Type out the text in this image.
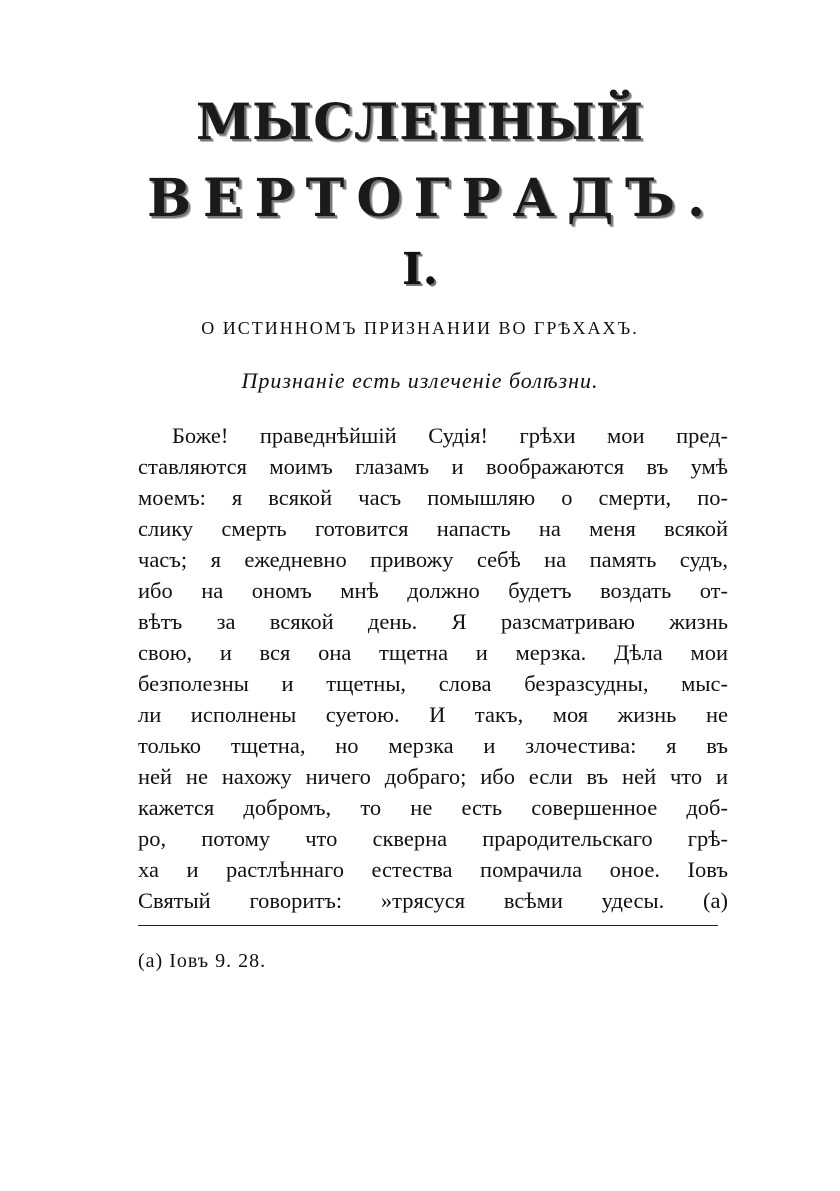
МЫСЛЕННЫЙ
ВЕРТОГРАДЪ.
I.
О ИСТИННОМЪ ПРИЗНАНИИ ВО ГРѢХАХЪ.
Признаніе есть излеченіе болѣзни.
Боже! праведнѣйшій Судія! грѣхи мои пред-
ставляются моимъ глазамъ и воображаются въ умѣ
моемъ: я всякой часъ помышляю о смерти, по-
слику смерть готовится напасть на меня всякой
часъ; я ежедневно привожу себѣ на память судъ,
ибо на ономъ мнѣ должно будетъ воздать от-
вѣтъ за всякой день. Я разсматриваю жизнь
свою, и вся она тщетна и мерзка. Дѣла мои
безполезны и тщетны, слова безразсудны, мыс-
ли исполнены суетою. И такъ, моя жизнь не
только тщетна, но мерзка и злочестива: я въ
ней не нахожу ничего добраго; ибо если въ ней что и
кажется добромъ, то не есть совершенное доб-
ро, потому что скверна прародительскаго грѣ-
ха и растлѣннаго естества помрачила оное. Іовъ
Святый говоритъ: »трясуся всѣми удесы. (а)
(а) Іовъ 9. 28.
